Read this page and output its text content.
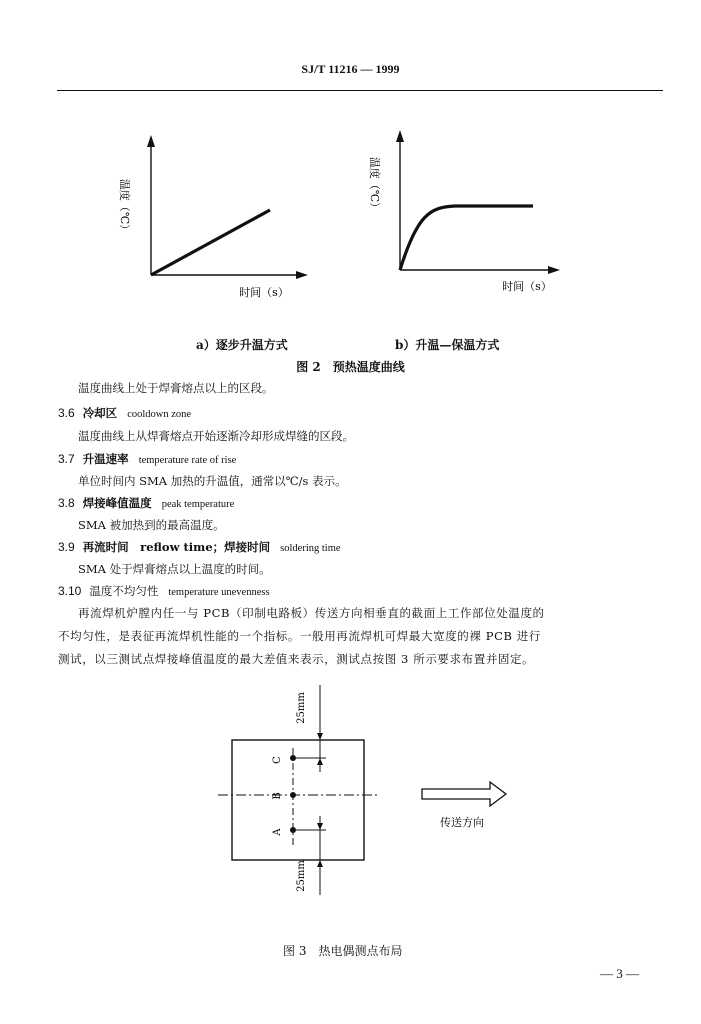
SJ/T 11216 — 1999
温度（℃）
时间（s）
温度（℃）
时间（s）
a）逐步升温方式	b）升温—保温方式
图 2　预热温度曲线
温度曲线上处于焊膏熔点以上的区段。
3.6 冷却区 cooldown zone
温度曲线上从焊膏熔点开始逐渐冷却形成焊缝的区段。
3.7 升温速率 temperature rate of rise
单位时间内 SMA 加热的升温值，通常以℃/s 表示。
3.8 焊接峰值温度 peak temperature
SMA 被加热到的最高温度。
3.9 再流时间　reflow time；焊接时间 soldering time
SMA 处于焊膏熔点以上温度的时间。
3.10 温度不均匀性 temperature unevenness
再流焊机炉膛内任一与 PCB（印制电路板）传送方向相垂直的截面上工作部位处温度的
不均匀性，是表征再流焊机性能的一个指标。一般用再流焊机可焊最大宽度的裸 PCB 进行
测试，以三测试点焊接峰值温度的最大差值来表示，测试点按图 3 所示要求布置并固定。
25mm
25mm
C
B
A
传送方向
图 3　热电偶测点布局
— 3 —
